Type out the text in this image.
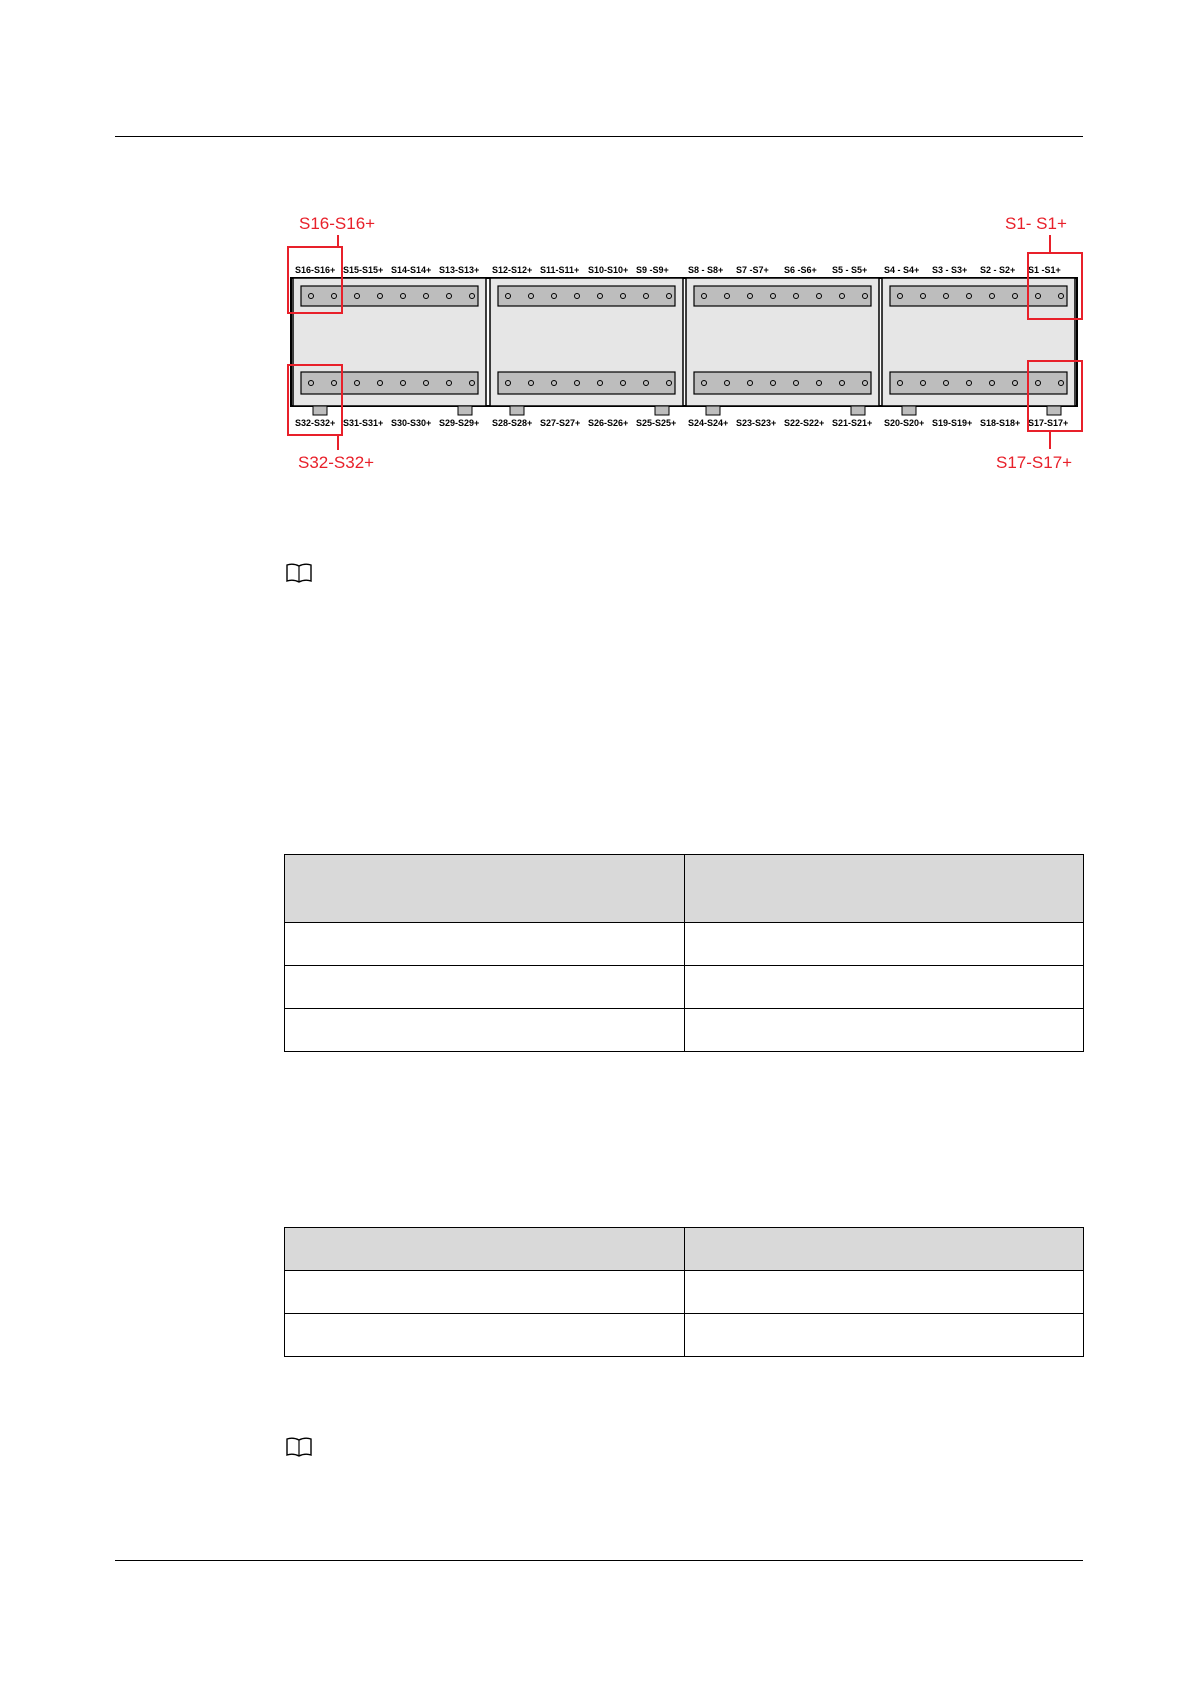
S16-S16+	S1- S1+
S32-S32+	S17-S17+
S16-S16+ S15-S15+ S14-S14+ S13-S13+ S12-S12+ S11-S11+ S10-S10+ S9 -S9+ S8 - S8+ S7 -S7+ S6 -S6+ S5 - S5+ S4 - S4+ S3 - S3+ S2 - S2+ S1 -S1+
S32-S32+ S31-S31+ S30-S30+ S29-S29+ S28-S28+ S27-S27+ S26-S26+ S25-S25+ S24-S24+ S23-S23+ S22-S22+ S21-S21+ S20-S20+ S19-S19+ S18-S18+ S17-S17+
